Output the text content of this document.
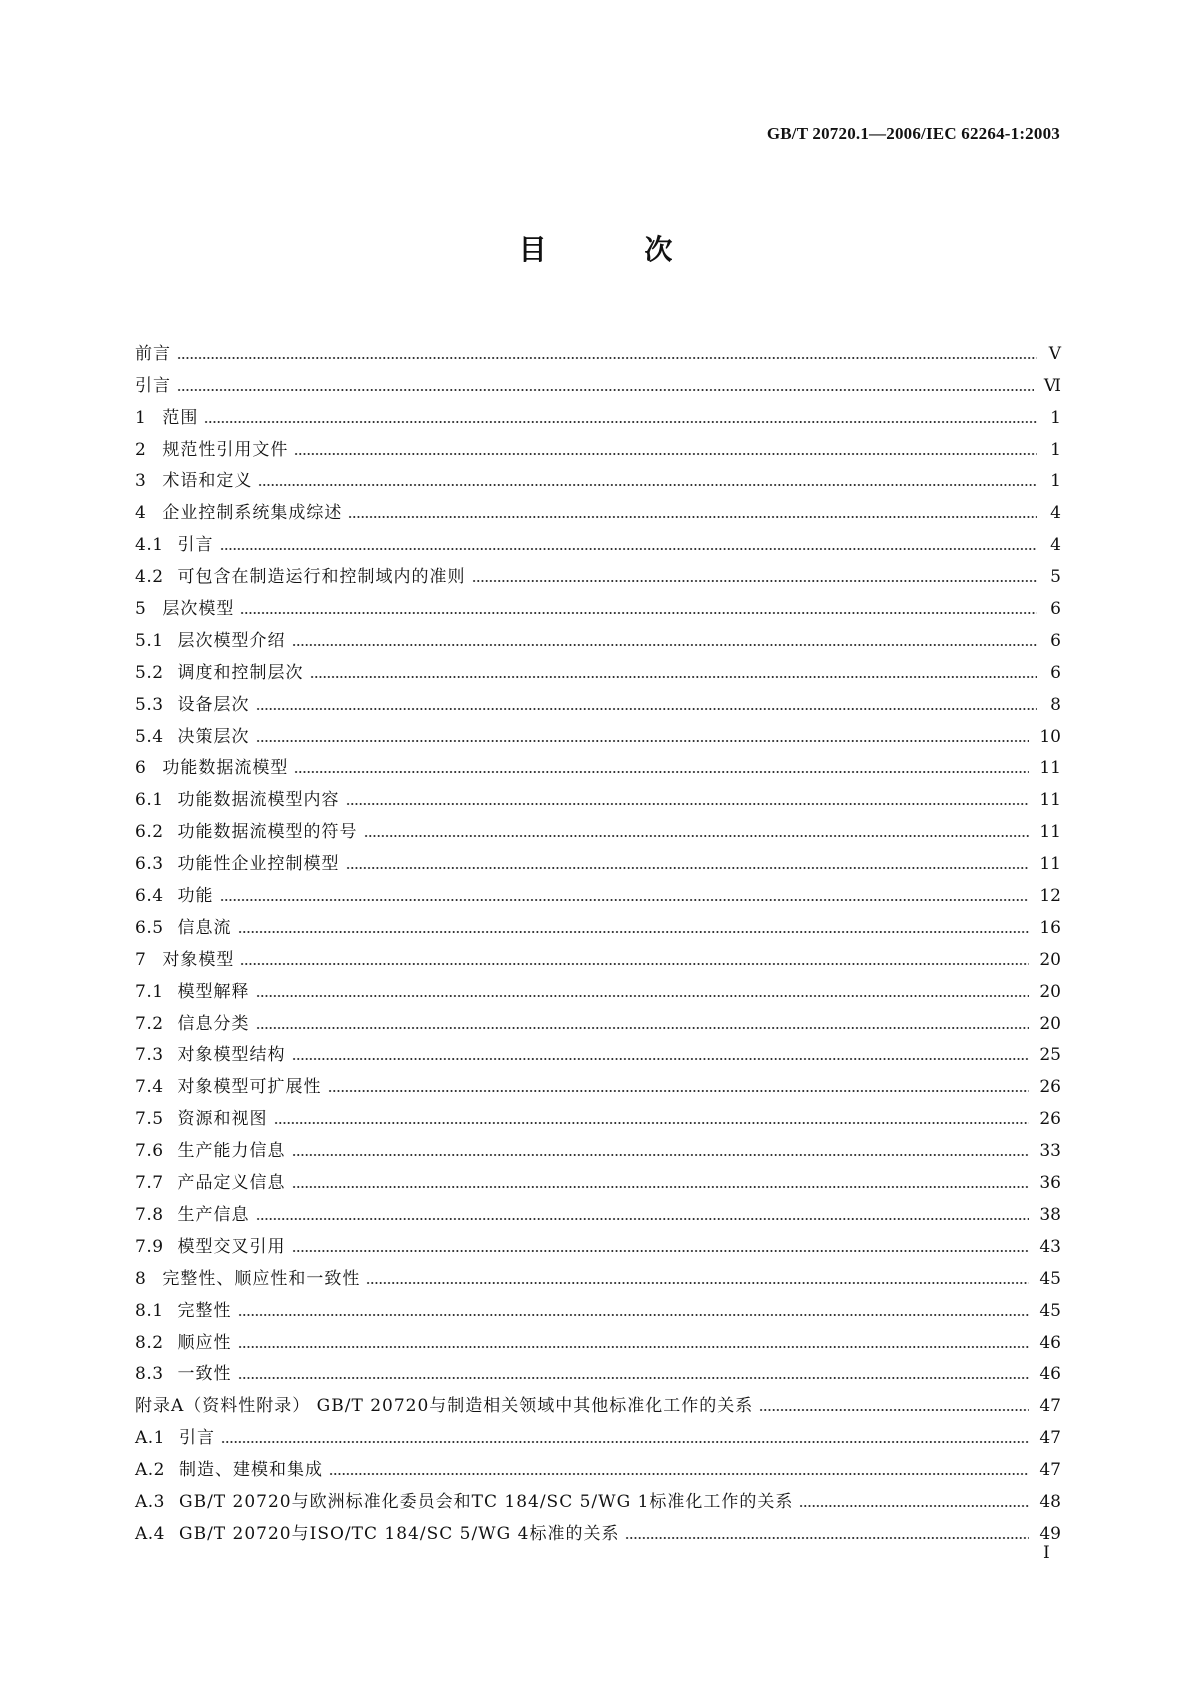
GB/T 20720.1—2006/IEC 62264-1:2003
目 次
前言	Ⅴ
引言	Ⅵ
1 范围	1
2 规范性引用文件	1
3 术语和定义	1
4 企业控制系统集成综述	4
4.1 引言	4
4.2 可包含在制造运行和控制域内的准则	5
5 层次模型	6
5.1 层次模型介绍	6
5.2 调度和控制层次	6
5.3 设备层次	8
5.4 决策层次	10
6 功能数据流模型	11
6.1 功能数据流模型内容	11
6.2 功能数据流模型的符号	11
6.3 功能性企业控制模型	11
6.4 功能	12
6.5 信息流	16
7 对象模型	20
7.1 模型解释	20
7.2 信息分类	20
7.3 对象模型结构	25
7.4 对象模型可扩展性	26
7.5 资源和视图	26
7.6 生产能力信息	33
7.7 产品定义信息	36
7.8 生产信息	38
7.9 模型交叉引用	43
8 完整性、顺应性和一致性	45
8.1 完整性	45
8.2 顺应性	46
8.3 一致性	46
附录A（资料性附录） GB/T 20720与制造相关领域中其他标准化工作的关系	47
A.1 引言	47
A.2 制造、建模和集成	47
A.3 GB/T 20720与欧洲标准化委员会和TC 184/SC 5/WG 1标准化工作的关系	48
A.4 GB/T 20720与ISO/TC 184/SC 5/WG 4标准的关系	49
I
